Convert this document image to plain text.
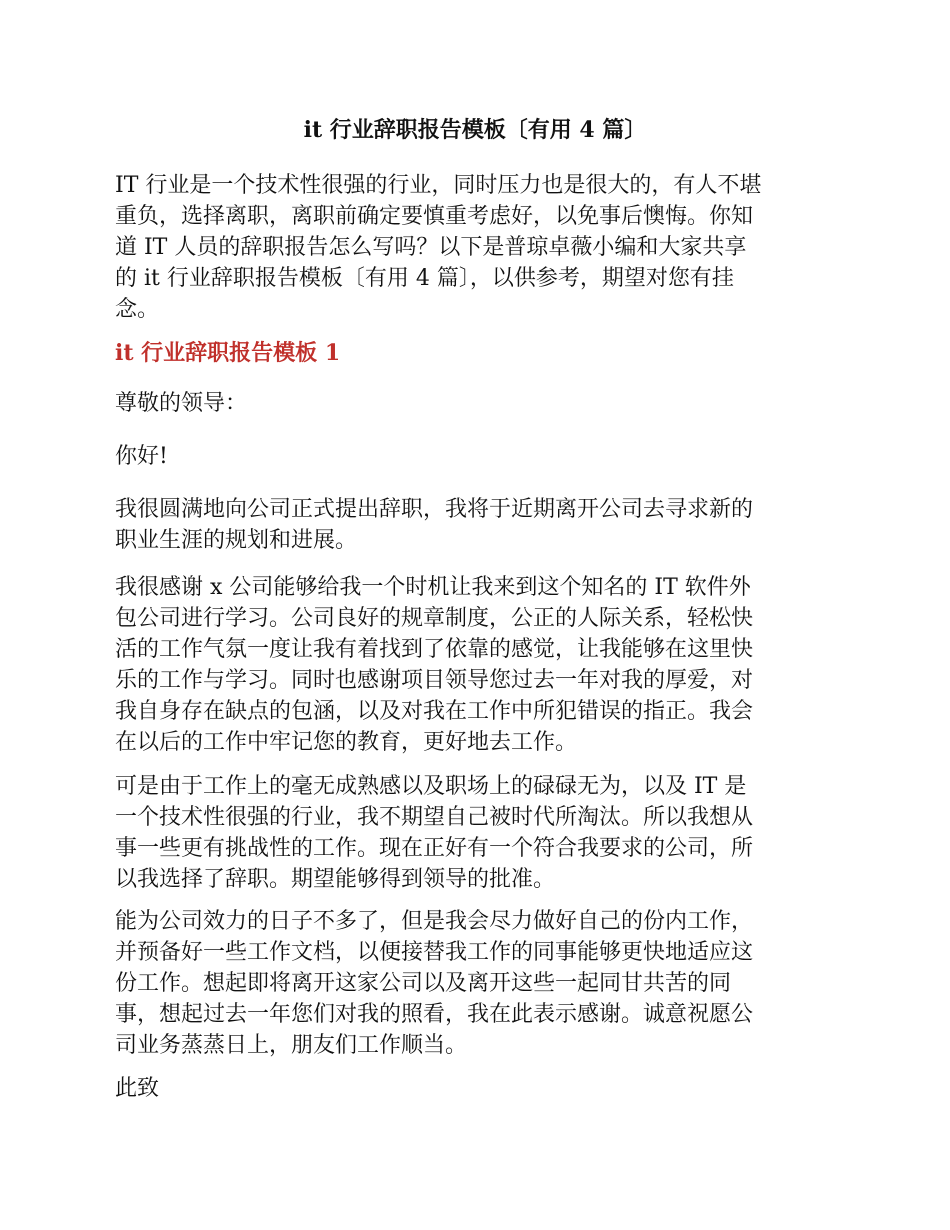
it 行业辞职报告模板〔有用 4 篇〕
IT 行业是一个技术性很强的行业，同时压力也是很大的，有人不堪
重负，选择离职，离职前确定要慎重考虑好，以免事后懊悔。你知
道 IT 人员的辞职报告怎么写吗？以下是普琼卓薇小编和大家共享
的 it 行业辞职报告模板〔有用 4 篇〕，以供参考，期望对您有挂
念。
it 行业辞职报告模板 1
尊敬的领导：
你好!
我很圆满地向公司正式提出辞职，我将于近期离开公司去寻求新的
职业生涯的规划和进展。
我很感谢 x 公司能够给我一个时机让我来到这个知名的 IT 软件外
包公司进行学习。公司良好的规章制度，公正的人际关系，轻松快
活的工作气氛一度让我有着找到了依靠的感觉，让我能够在这里快
乐的工作与学习。同时也感谢项目领导您过去一年对我的厚爱，对
我自身存在缺点的包涵，以及对我在工作中所犯错误的指正。我会
在以后的工作中牢记您的教育，更好地去工作。
可是由于工作上的毫无成熟感以及职场上的碌碌无为，以及 IT 是
一个技术性很强的行业，我不期望自己被时代所淘汰。所以我想从
事一些更有挑战性的工作。现在正好有一个符合我要求的公司，所
以我选择了辞职。期望能够得到领导的批准。
能为公司效力的日子不多了，但是我会尽力做好自己的份内工作，
并预备好一些工作文档，以便接替我工作的同事能够更快地适应这
份工作。想起即将离开这家公司以及离开这些一起同甘共苦的同
事，想起过去一年您们对我的照看，我在此表示感谢。诚意祝愿公
司业务蒸蒸日上，朋友们工作顺当。
此致
